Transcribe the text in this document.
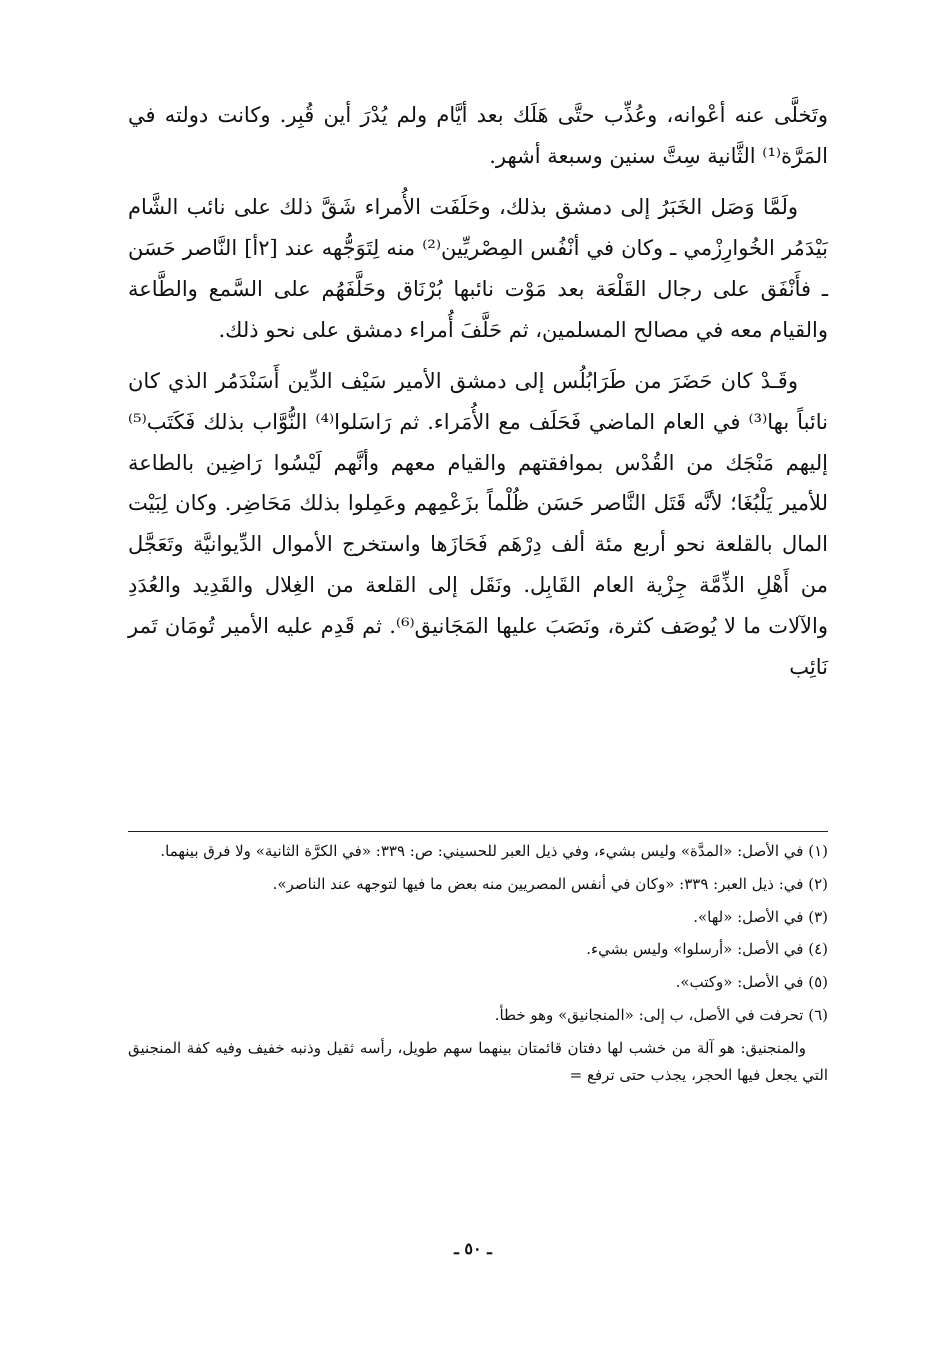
وتَخلَّى عنه أعْوانه، وعُذِّب حتَّى هَلَك بعد أيَّام ولم يُدْرَ أين قُبِر. وكانت دولته في المَرَّة⁽¹⁾ الثَّانية سِتَّ سنين وسبعة أشهر.

ولَمَّا وَصَل الخَبَرُ إلى دمشق بذلك، وحَلَفَت الأُمراء شَقَّ ذلك على نائب الشَّام بَيْدَمُر الخُوارِزْمي ـ وكان في أنْفُس المِصْريِّين⁽²⁾ منه لِتَوَجُّهه عند [٢أ] النَّاصر حَسَن ـ فأَنْفَق على رجال القَلْعَة بعد مَوْت نائبها بُرْنَاق وحَلَّفَهُم على السَّمع والطَّاعة والقيام معه في مصالح المسلمين، ثم حَلَّفَ أُمراء دمشق على نحو ذلك.

وقَـدْ كان حَضَرَ من طَرَابُلُس إلى دمشق الأمير سَيْف الدِّين أَسَنْدَمُر الذي كان نائباً بها⁽³⁾ في العام الماضي فَحَلَف مع الأُمَراء. ثم رَاسَلوا⁽⁴⁾ النُّوَّاب بذلك فَكَتَب⁽⁵⁾ إليهم مَنْجَك من القُدْس بموافقتهم والقيام معهم وأنَّهم لَيْسُوا رَاضِين بالطاعة للأمير يَلْبُغَا؛ لأنَّه قَتَل النَّاصر حَسَن ظُلْماً بزَعْمِهم وعَمِلوا بذلك مَحَاضِر. وكان لِبَيْت المال بالقلعة نحو أربع مئة ألف دِرْهَم فَحَازَها واستخرج الأموال الدِّيوانيَّة وتَعَجَّل من أَهْلِ الذِّمَّة جِزْية العام القَابِل. ونَقَل إلى القلعة من الغِلال والقَدِيد والعُدَدِ والآلات ما لا يُوصَف كثرة، ونَصَبَ عليها المَجَانيق⁽⁶⁾. ثم قَدِم عليه الأمير تُومَان تَمر نَائِب

(١) في الأصل: «المدَّة» وليس بشيء، وفي ذيل العبر للحسيني: ص: ٣٣٩: «في الكرَّة الثانية» ولا فرق بينهما.

(٢) في: ذيل العبر: ٣٣٩: «وكان في أنفس المصريين منه بعض ما فيها لتوجهه عند الناصر».

(٣) في الأصل: «لها».

(٤) في الأصل: «أرسلوا» وليس بشيء.

(٥) في الأصل: «وكتب».

(٦) تحرفت في الأصل، ب إلى: «المنجانيق» وهو خطأ.

والمنجنيق: هو آلة من خشب لها دفتان قائمتان بينهما سهم طويل، رأسه ثقيل وذنبه خفيف وفيه كفة المنجنيق التي يجعل فيها الحجر، يجذب حتى ترفع =

ـ ٥٠ ـ
